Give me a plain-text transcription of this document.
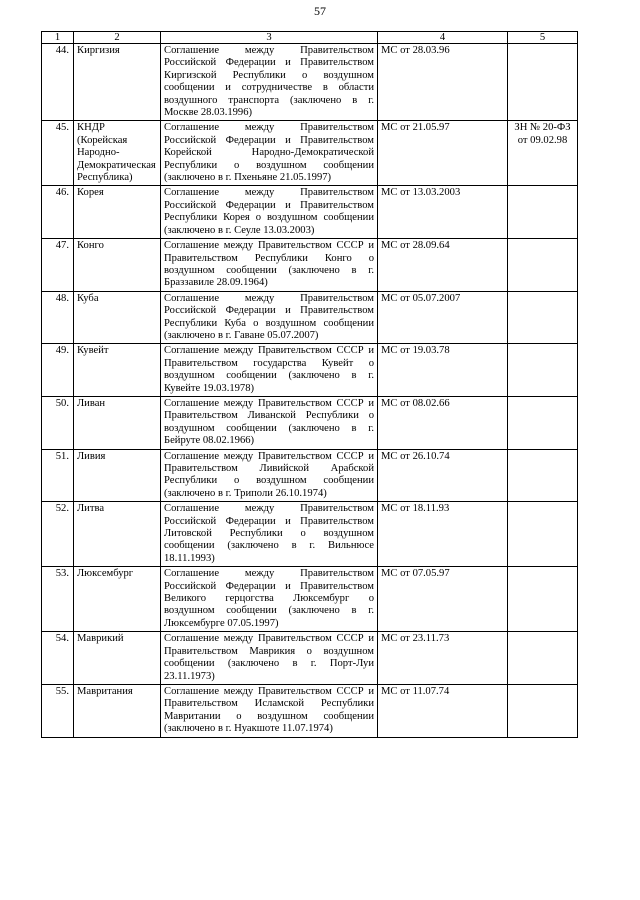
57
1	2	3	4	5
44.	Киргизия	Соглашение между Правительством Российской Федерации и Правительством Киргизской Республики о воздушном сообщении и сотрудничестве в области воздушного транспорта (заключено в г. Москве 28.03.1996)	МС от 28.03.96	
45.	КНДР (Корейская Народно-Демократическая Республика)	Соглашение между Правительством Российской Федерации и Правительством Корейской Народно-Демократической Республики о воздушном сообщении (заключено в г. Пхеньяне 21.05.1997)	МС от 21.05.97	ЗН № 20-ФЗ от 09.02.98
46.	Корея	Соглашение между Правительством Российской Федерации и Правительством Республики Корея о воздушном сообщении (заключено в г. Сеуле 13.03.2003)	МС от 13.03.2003	
47.	Конго	Соглашение между Правительством СССР и Правительством Республики Конго о воздушном сообщении (заключено в г. Браззавиле 28.09.1964)	МС от 28.09.64	
48.	Куба	Соглашение между Правительством Российской Федерации и Правительством Республики Куба о воздушном сообщении (заключено в г. Гаване 05.07.2007)	МС от 05.07.2007	
49.	Кувейт	Соглашение между Правительством СССР и Правительством государства Кувейт о воздушном сообщении (заключено в г. Кувейте 19.03.1978)	МС от 19.03.78	
50.	Ливан	Соглашение между Правительством СССР и Правительством Ливанской Республики о воздушном сообщении (заключено в г. Бейруте 08.02.1966)	МС от 08.02.66	
51.	Ливия	Соглашение между Правительством СССР и Правительством Ливийской Арабской Республики о воздушном сообщении (заключено в г. Триполи 26.10.1974)	МС от 26.10.74	
52.	Литва	Соглашение между Правительством Российской Федерации и Правительством Литовской Республики о воздушном сообщении (заключено в г. Вильнюсе 18.11.1993)	МС от 18.11.93	
53.	Люксембург	Соглашение между Правительством Российской Федерации и Правительством Великого герцогства Люксембург о воздушном сообщении (заключено в г. Люксембурге 07.05.1997)	МС от 07.05.97	
54.	Маврикий	Соглашение между Правительством СССР и Правительством Маврикия о воздушном сообщении (заключено в г. Порт-Луи 23.11.1973)	МС от 23.11.73	
55.	Мавритания	Соглашение между Правительством СССР и Правительством Исламской Республики Мавритании о воздушном сообщении (заключено в г. Нуакшоте 11.07.1974)	МС от 11.07.74	
